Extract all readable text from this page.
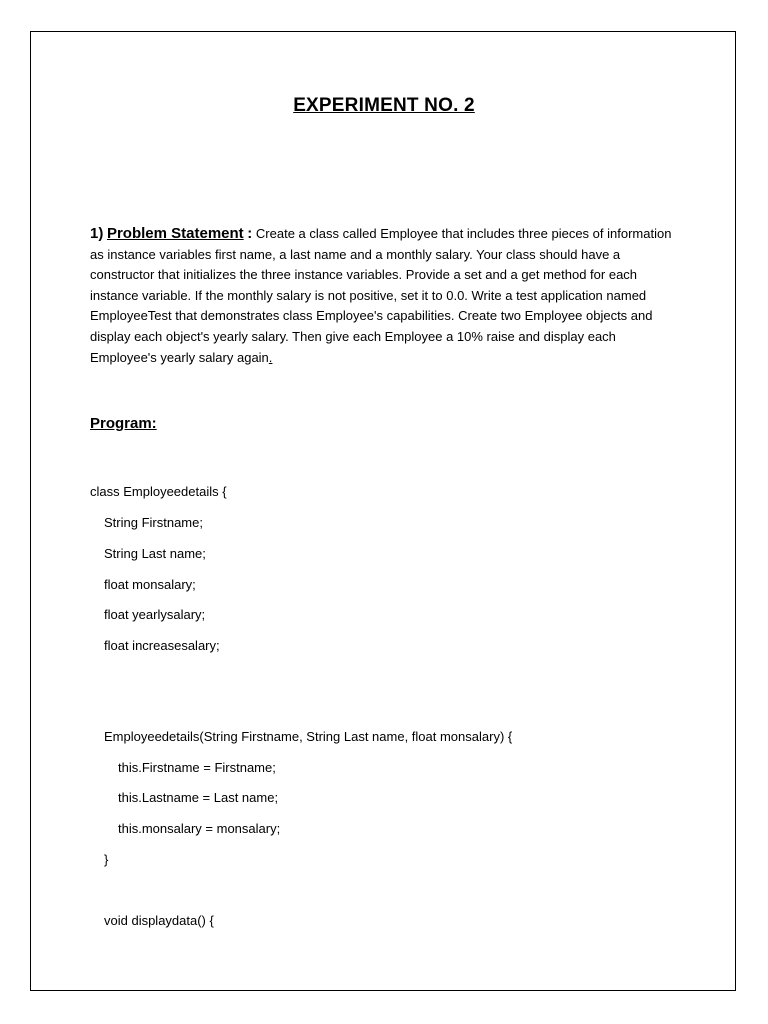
EXPERIMENT NO. 2
1) Problem Statement : Create a class called Employee that includes three pieces of information as instance variables first name, a last name and a monthly salary. Your class should have a constructor that initializes the three instance variables. Provide a set and a get method for each instance variable. If the monthly salary is not positive, set it to 0.0. Write a test application named EmployeeTest that demonstrates class Employee's capabilities. Create two Employee objects and display each object's yearly salary. Then give each Employee a 10% raise and display each Employee's yearly salary again.
Program:
class Employeedetails {
String Firstname;
String Last name;
float monsalary;
float yearlysalary;
float increasesalary;
Employeedetails(String Firstname, String Last name, float monsalary) {
this.Firstname = Firstname;
this.Lastname = Last name;
this.monsalary = monsalary;
}
void displaydata() {
